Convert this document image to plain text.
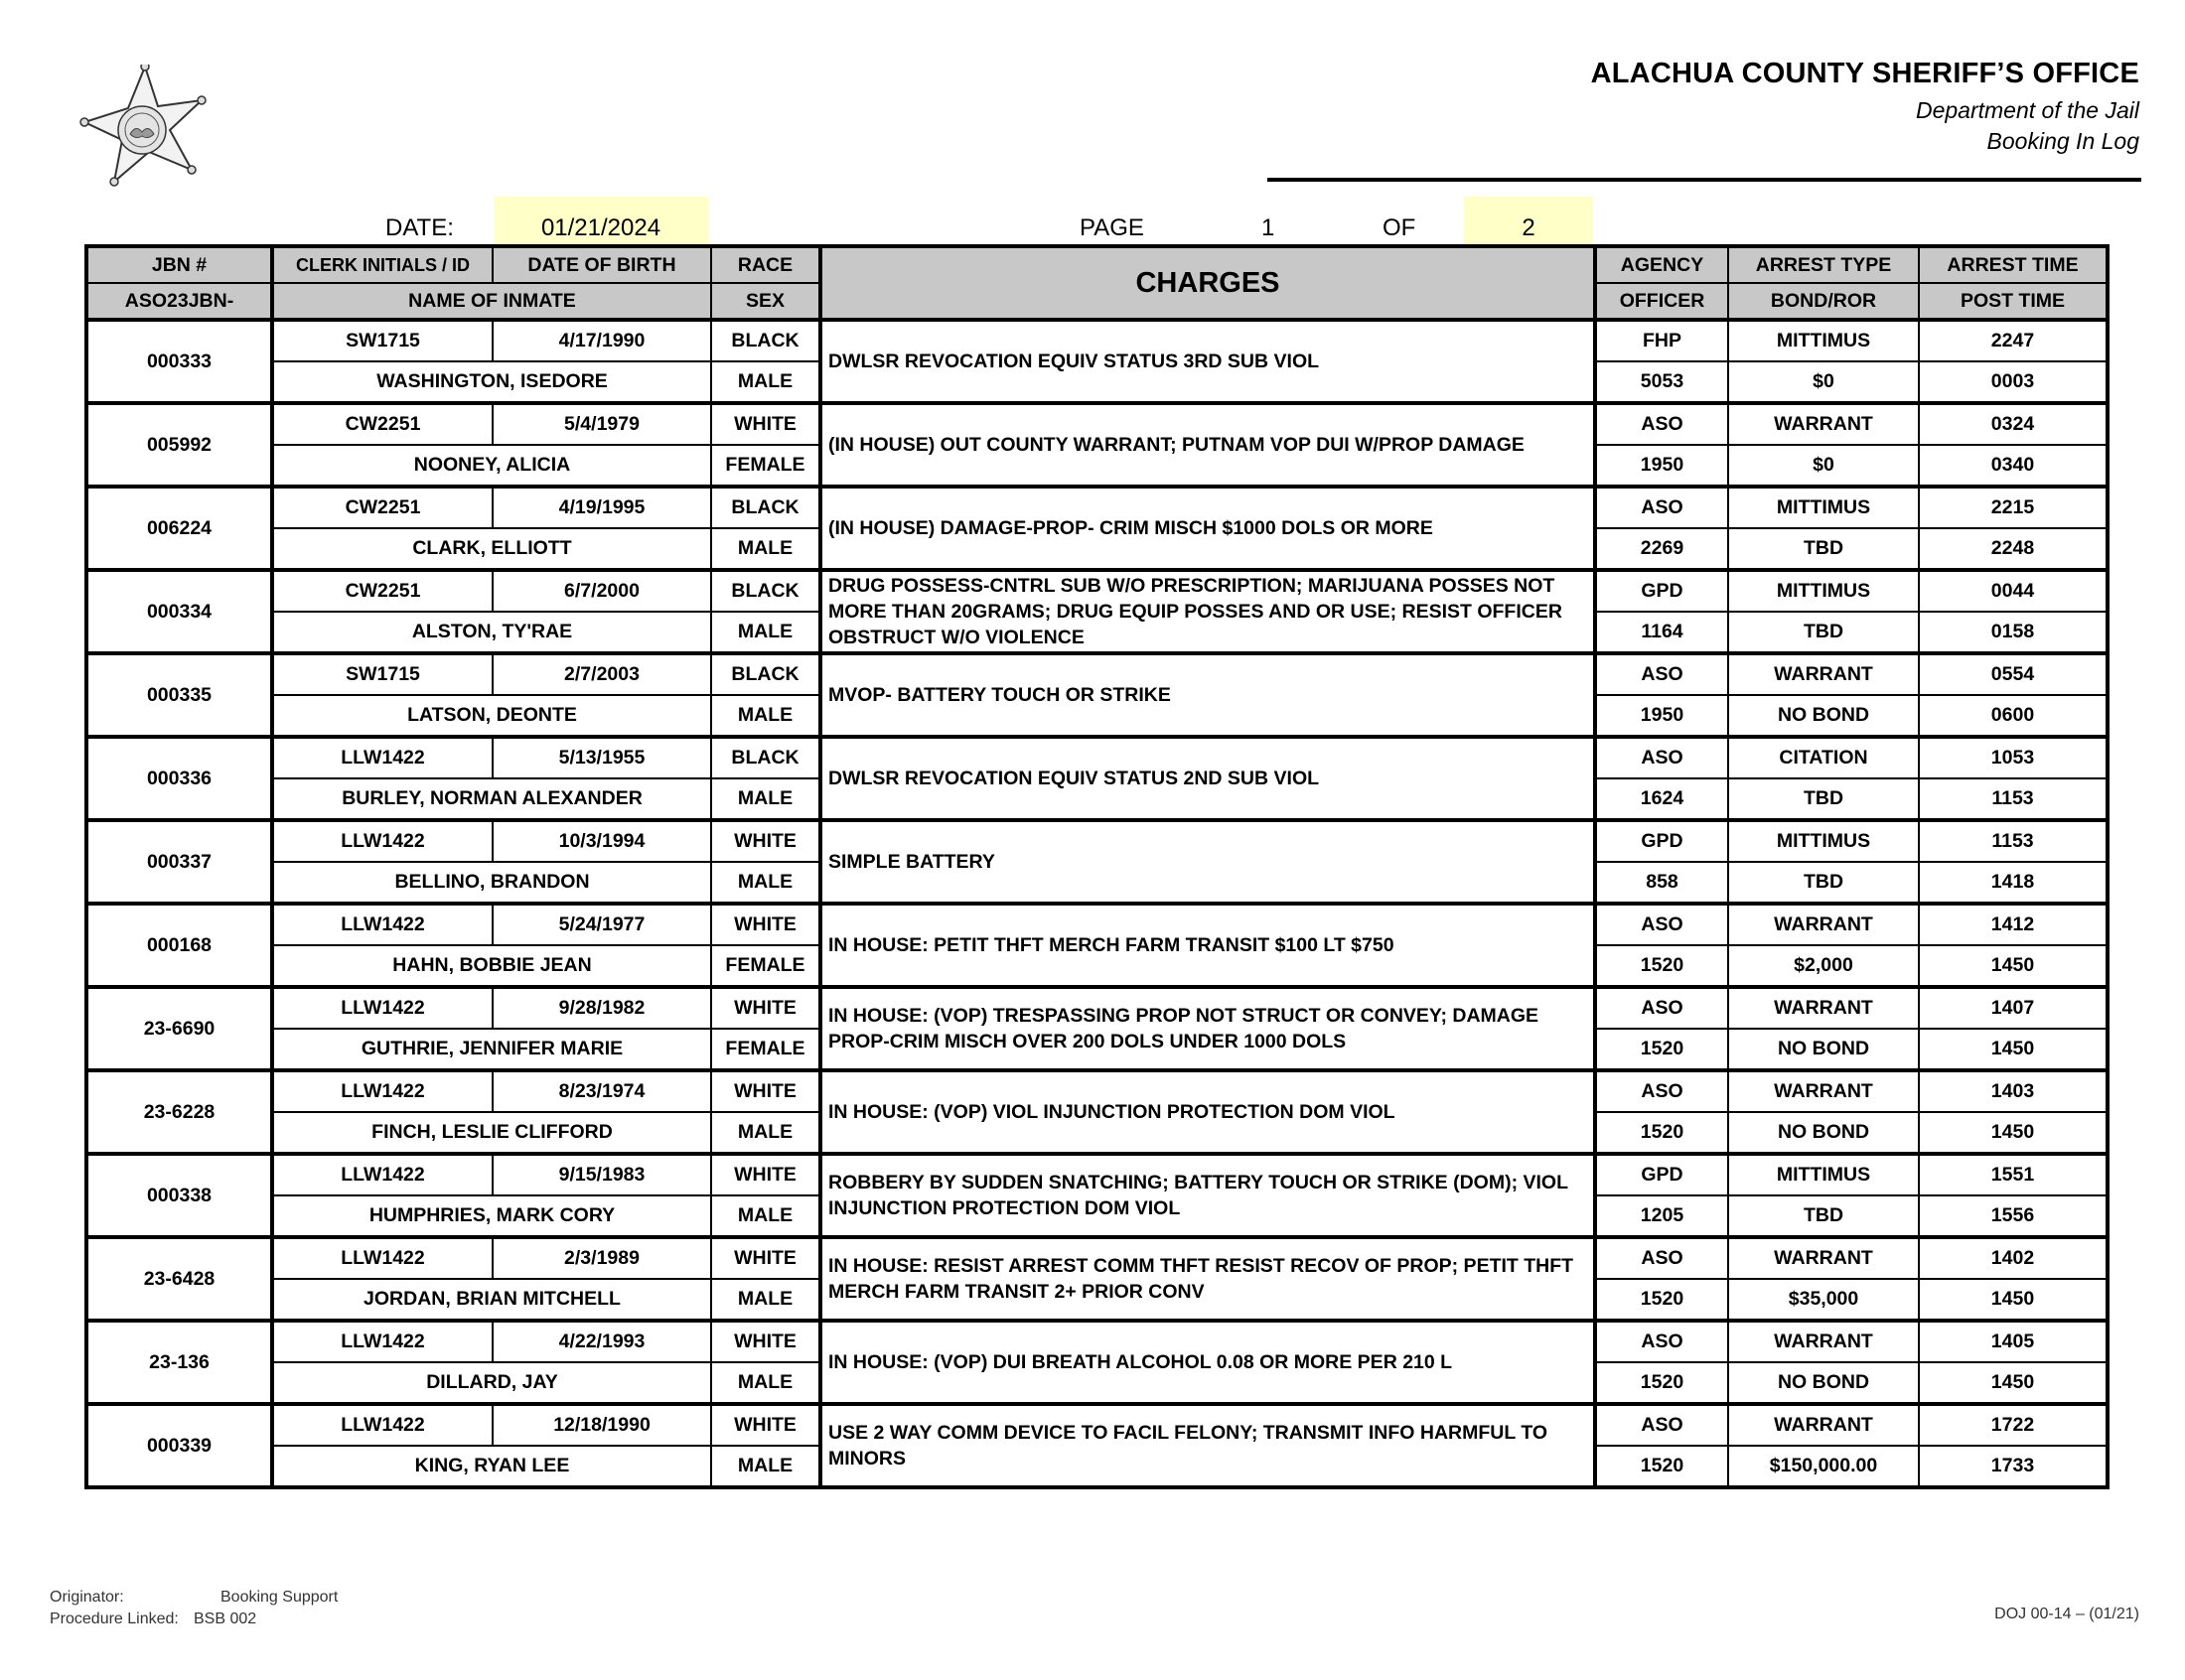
ALACHUA COUNTY SHERIFF’S OFFICE
Department of the Jail
Booking In Log
DATE:	01/21/2024	PAGE	1	OF	2
JBN #	CLERK INITIALS / ID	DATE OF BIRTH	RACE	CHARGES	AGENCY	ARREST TYPE	ARREST TIME
ASO23JBN-	NAME OF INMATE		SEX		OFFICER	BOND/ROR	POST TIME
000333	SW1715	4/17/1990	BLACK	DWLSR REVOCATION EQUIV STATUS 3RD SUB VIOL	FHP	MITTIMUS	2247
	WASHINGTON, ISEDORE		MALE		5053	$0	0003
005992	CW2251	5/4/1979	WHITE	(IN HOUSE) OUT COUNTY WARRANT; PUTNAM VOP DUI W/PROP DAMAGE	ASO	WARRANT	0324
	NOONEY, ALICIA		FEMALE		1950	$0	0340
006224	CW2251	4/19/1995	BLACK	(IN HOUSE) DAMAGE-PROP- CRIM MISCH $1000 DOLS OR MORE	ASO	MITTIMUS	2215
	CLARK, ELLIOTT		MALE		2269	TBD	2248
000334	CW2251	6/7/2000	BLACK	DRUG POSSESS-CNTRL SUB W/O PRESCRIPTION; MARIJUANA POSSES NOT MORE THAN 20GRAMS; DRUG EQUIP POSSES AND OR USE; RESIST OFFICER OBSTRUCT W/O VIOLENCE	GPD	MITTIMUS	0044
	ALSTON, TY'RAE		MALE		1164	TBD	0158
000335	SW1715	2/7/2003	BLACK	MVOP- BATTERY TOUCH OR STRIKE	ASO	WARRANT	0554
	LATSON, DEONTE		MALE		1950	NO BOND	0600
000336	LLW1422	5/13/1955	BLACK	DWLSR REVOCATION EQUIV STATUS 2ND SUB VIOL	ASO	CITATION	1053
	BURLEY, NORMAN ALEXANDER		MALE		1624	TBD	1153
000337	LLW1422	10/3/1994	WHITE	SIMPLE BATTERY	GPD	MITTIMUS	1153
	BELLINO, BRANDON		MALE		858	TBD	1418
000168	LLW1422	5/24/1977	WHITE	IN HOUSE: PETIT THFT MERCH FARM TRANSIT $100 LT $750	ASO	WARRANT	1412
	HAHN, BOBBIE JEAN		FEMALE		1520	$2,000	1450
23-6690	LLW1422	9/28/1982	WHITE	IN HOUSE: (VOP) TRESPASSING PROP NOT STRUCT OR CONVEY; DAMAGE PROP-CRIM MISCH OVER 200 DOLS UNDER 1000 DOLS	ASO	WARRANT	1407
	GUTHRIE, JENNIFER MARIE		FEMALE		1520	NO BOND	1450
23-6228	LLW1422	8/23/1974	WHITE	IN HOUSE: (VOP) VIOL INJUNCTION PROTECTION DOM VIOL	ASO	WARRANT	1403
	FINCH, LESLIE CLIFFORD		MALE		1520	NO BOND	1450
000338	LLW1422	9/15/1983	WHITE	ROBBERY BY SUDDEN SNATCHING; BATTERY TOUCH OR STRIKE (DOM); VIOL INJUNCTION PROTECTION DOM VIOL	GPD	MITTIMUS	1551
	HUMPHRIES, MARK CORY		MALE		1205	TBD	1556
23-6428	LLW1422	2/3/1989	WHITE	IN HOUSE: RESIST ARREST COMM THFT RESIST RECOV OF PROP; PETIT THFT MERCH FARM TRANSIT 2+ PRIOR CONV	ASO	WARRANT	1402
	JORDAN, BRIAN MITCHELL		MALE		1520	$35,000	1450
23-136	LLW1422	4/22/1993	WHITE	IN HOUSE: (VOP) DUI BREATH ALCOHOL 0.08 OR MORE PER 210 L	ASO	WARRANT	1405
	DILLARD, JAY		MALE		1520	NO BOND	1450
000339	LLW1422	12/18/1990	WHITE	USE 2 WAY COMM DEVICE TO FACIL FELONY; TRANSMIT INFO HARMFUL TO MINORS	ASO	WARRANT	1722
	KING, RYAN LEE		MALE		1520	$150,000.00	1733
Originator:	Booking Support
Procedure Linked: BSB 002	DOJ 00-14 – (01/21)
